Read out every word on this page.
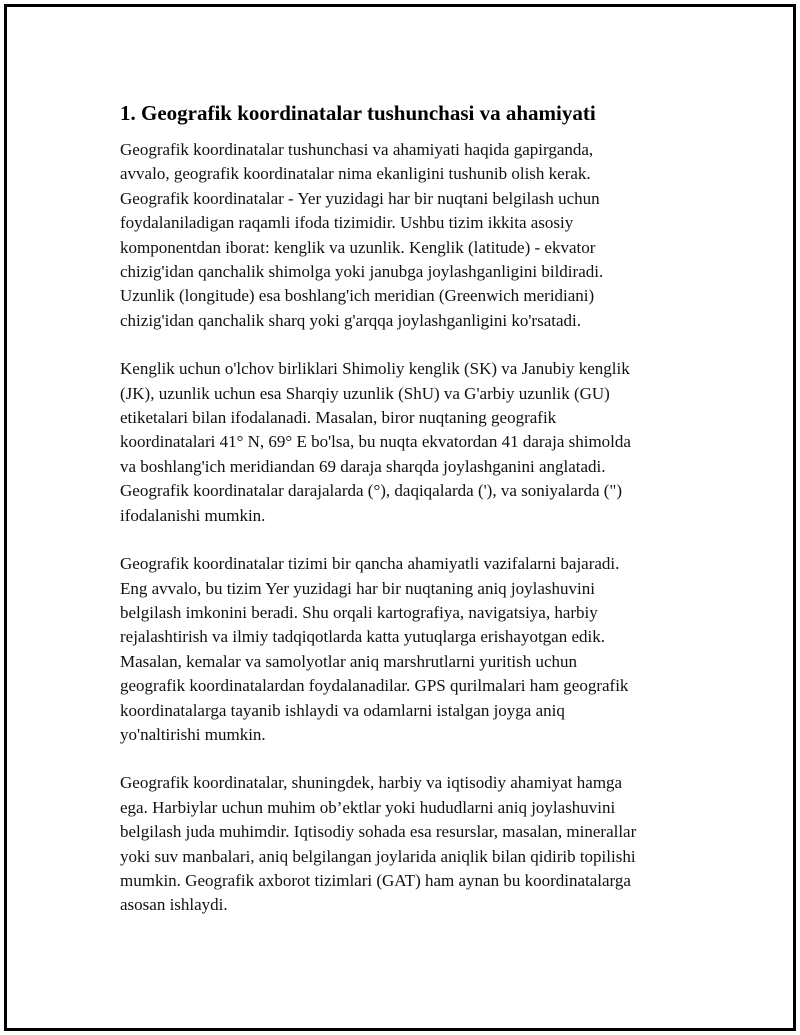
1. Geografik koordinatalar tushunchasi va ahamiyati
Geografik koordinatalar tushunchasi va ahamiyati haqida gapirganda,
avvalo, geografik koordinatalar nima ekanligini tushunib olish kerak.
Geografik koordinatalar - Yer yuzidagi har bir nuqtani belgilash uchun
foydalaniladigan raqamli ifoda tizimidir. Ushbu tizim ikkita asosiy
komponentdan iborat: kenglik va uzunlik. Kenglik (latitude) - ekvator
chizig'idan qanchalik shimolga yoki janubga joylashganligini bildiradi.
Uzunlik (longitude) esa boshlang'ich meridian (Greenwich meridiani)
chizig'idan qanchalik sharq yoki g'arqqa joylashganligini ko'rsatadi.
Kenglik uchun o'lchov birliklari Shimoliy kenglik (SK) va Janubiy kenglik
(JK), uzunlik uchun esa Sharqiy uzunlik (ShU) va G'arbiy uzunlik (GU)
etiketalari bilan ifodalanadi. Masalan, biror nuqtaning geografik
koordinatalari 41° N, 69° E bo'lsa, bu nuqta ekvatordan 41 daraja shimolda
va boshlang'ich meridiandan 69 daraja sharqda joylashganini anglatadi.
Geografik koordinatalar darajalarda (°), daqiqalarda ('), va soniyalarda (")
ifodalanishi mumkin.
Geografik koordinatalar tizimi bir qancha ahamiyatli vazifalarni bajaradi.
Eng avvalo, bu tizim Yer yuzidagi har bir nuqtaning aniq joylashuvini
belgilash imkonini beradi. Shu orqali kartografiya, navigatsiya, harbiy
rejalashtirish va ilmiy tadqiqotlarda katta yutuqlarga erishayotgan edik.
Masalan, kemalar va samolyotlar aniq marshrutlarni yuritish uchun
geografik koordinatalardan foydalanadilar. GPS qurilmalari ham geografik
koordinatalarga tayanib ishlaydi va odamlarni istalgan joyga aniq
yo'naltirishi mumkin.
Geografik koordinatalar, shuningdek, harbiy va iqtisodiy ahamiyat hamga
ega. Harbiylar uchun muhim ob’ektlar yoki hududlarni aniq joylashuvini
belgilash juda muhimdir. Iqtisodiy sohada esa resurslar, masalan, minerallar
yoki suv manbalari, aniq belgilangan joylarida aniqlik bilan qidirib topilishi
mumkin. Geografik axborot tizimlari (GAT) ham aynan bu koordinatalarga
asosan ishlaydi.
